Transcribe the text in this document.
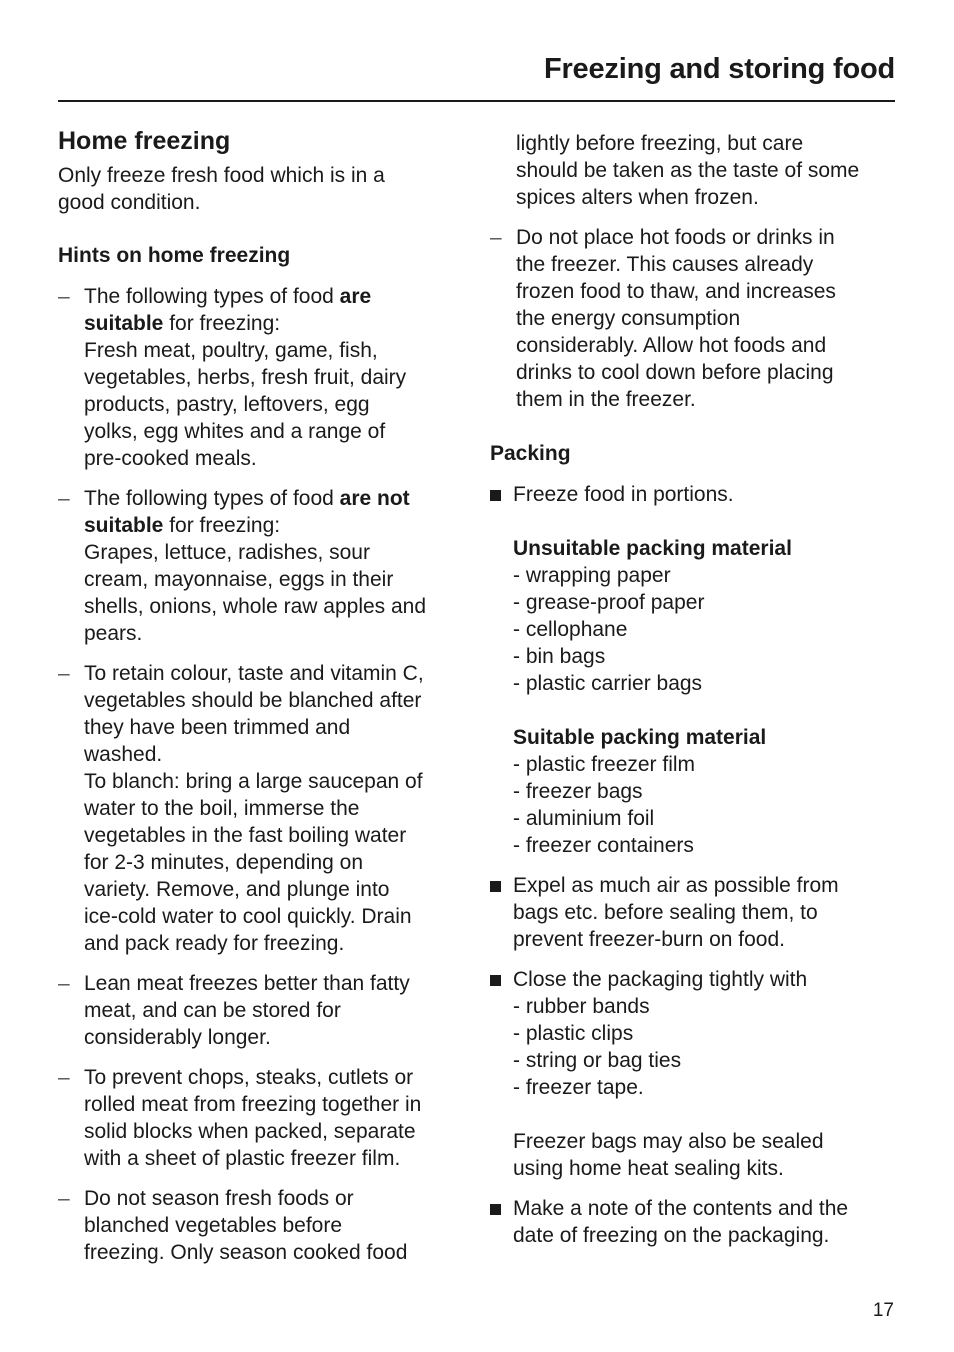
Freezing and storing food
Home freezing

Only freeze fresh food which is in a
good condition.

Hints on home freezing
– The following types of food are
suitable for freezing:
Fresh meat, poultry, game, fish,
vegetables, herbs, fresh fruit, dairy
products, pastry, leftovers, egg
yolks, egg whites and a range of
pre-cooked meals.
– The following types of food are not
suitable for freezing:
Grapes, lettuce, radishes, sour
cream, mayonnaise, eggs in their
shells, onions, whole raw apples and
pears.
– To retain colour, taste and vitamin C,
vegetables should be blanched after
they have been trimmed and
washed.
To blanch: bring a large saucepan of
water to the boil, immerse the
vegetables in the fast boiling water
for 2-3 minutes, depending on
variety. Remove, and plunge into
ice-cold water to cool quickly. Drain
and pack ready for freezing.
– Lean meat freezes better than fatty
meat, and can be stored for
considerably longer.
– To prevent chops, steaks, cutlets or
rolled meat from freezing together in
solid blocks when packed, separate
with a sheet of plastic freezer film.
– Do not season fresh foods or
blanched vegetables before
freezing. Only season cooked food
lightly before freezing, but care
should be taken as the taste of some
spices alters when frozen.
– Do not place hot foods or drinks in
the freezer. This causes already
frozen food to thaw, and increases
the energy consumption
considerably. Allow hot foods and
drinks to cool down before placing
them in the freezer.
Packing
Freeze food in portions.

Unsuitable packing material
- wrapping paper
- grease-proof paper
- cellophane
- bin bags
- plastic carrier bags

Suitable packing material
- plastic freezer film
- freezer bags
- aluminium foil
- freezer containers
Expel as much air as possible from
bags etc. before sealing them, to
prevent freezer-burn on food.
Close the packaging tightly with
- rubber bands
- plastic clips
- string or bag ties
- freezer tape.

Freezer bags may also be sealed
using home heat sealing kits.
Make a note of the contents and the
date of freezing on the packaging.
17
